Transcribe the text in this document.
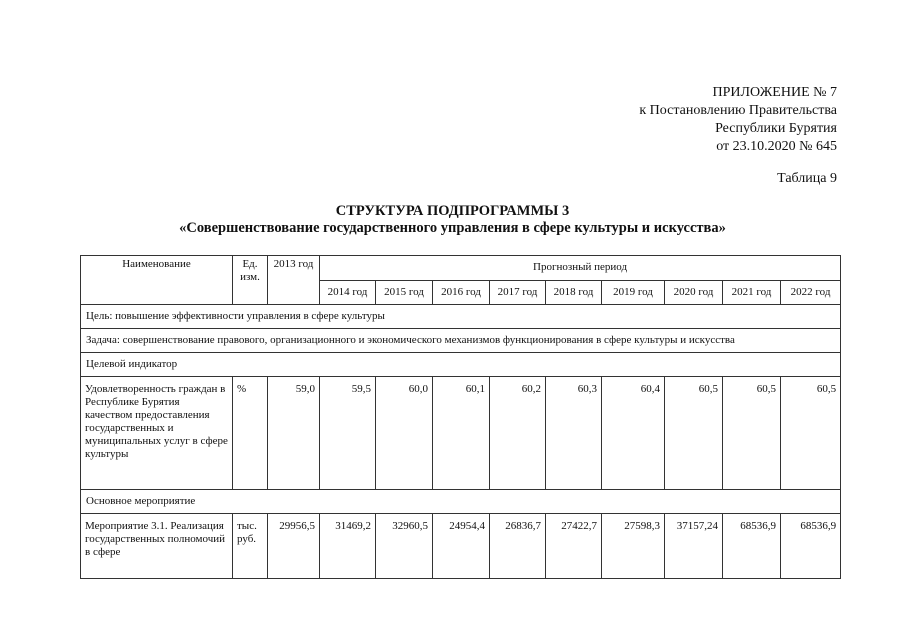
ПРИЛОЖЕНИЕ № 7
к Постановлению Правительства
Республики Бурятия
от 23.10.2020 № 645
Таблица 9
СТРУКТУРА ПОДПРОГРАММЫ 3
«Совершенствование государственного управления в сфере культуры и искусства»
Наименование	Ед. изм.	2013 год	Прогнозный период								
			2014 год	2015 год	2016 год	2017 год	2018 год	2019 год	2020 год	2021 год	2022 год
Цель: повышение эффективности управления в сфере культуры											
Задача: совершенствование правового, организационного и экономического механизмов функционирования в сфере культуры и искусства											
Целевой индикатор											
Удовлетворенность граждан в Республике Бурятия качеством предоставления государственных и муниципальных услуг в сфере культуры	%	59,0	59,5	60,0	60,1	60,2	60,3	60,4	60,5	60,5	60,5
Основное мероприятие											
Мероприятие 3.1. Реализация государственных полномочий в сфере	тыс. руб.	29956,5	31469,2	32960,5	24954,4	26836,7	27422,7	27598,3	37157,24	68536,9	68536,9
